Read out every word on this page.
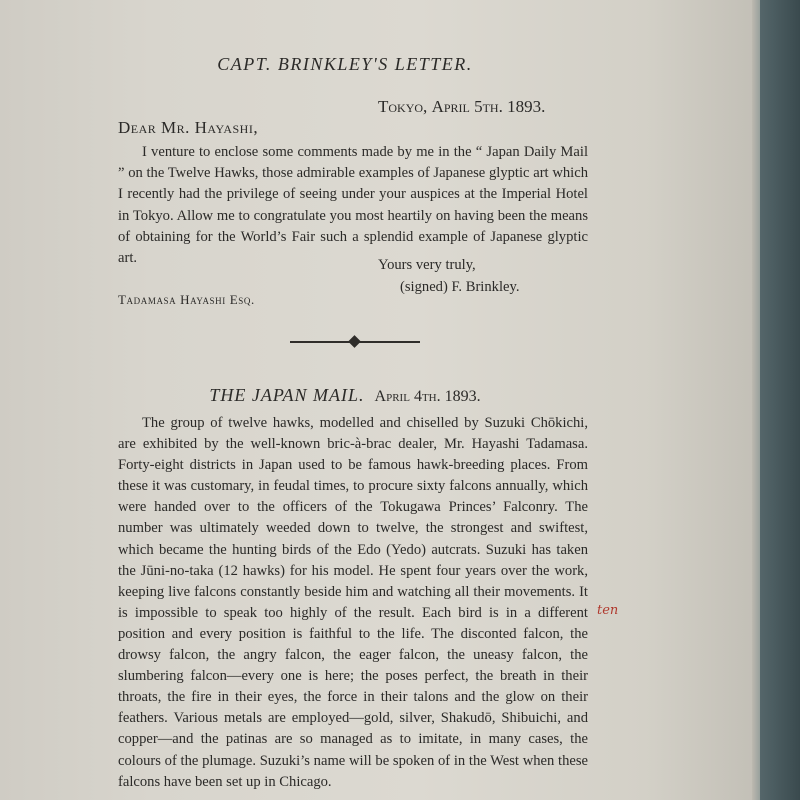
CAPT. BRINKLEY'S LETTER.
Tokyo, April 5th. 1893.
Dear Mr. Hayashi,

I venture to enclose some comments made by me in the “ Japan Daily Mail ” on the Twelve Hawks, those admirable examples of Japanese glyptic art which I recently had the privilege of seeing under your auspices at the Imperial Hotel in Tokyo. Allow me to congratulate you most heartily on having been the means of obtaining for the World’s Fair such a splendid example of Japanese glyptic art.	Yours very truly,
(signed) F. Brinkley.
Tadamasa Hayashi Esq.
THE JAPAN MAIL. April 4th. 1893.

The group of twelve hawks, modelled and chiselled by Suzuki Chōkichi, are exhibited by the well-known bric-à-brac dealer, Mr. Hayashi Tadamasa. Forty-eight districts in Japan used to be famous hawk-breeding places. From these it was customary, in feudal times, to procure sixty falcons annually, which were handed over to the officers of the Tokugawa Princes’ Falconry. The number was ultimately weeded down to twelve, the strongest and swiftest, which became the hunting birds of the Edo (Yedo) autcrats. Suzuki has taken the Jūni-no-taka (12 hawks) for his model. He spent four years over the work, keeping live falcons constantly beside him and watching all their movements. It is impossible to speak too highly of the result. Each bird is in a different position and every position is faithful to the life. The disconted falcon, the drowsy falcon, the angry falcon, the eager falcon, the uneasy falcon, the slumbering falcon—every one is here; the poses perfect, the breath in their throats, the fire in their eyes, the force in their talons and the glow on their feathers. Various metals are employed—gold, silver, Shakudō, Shibuichi, and copper—and the patinas are so managed as to imitate, in many cases, the colours of the plumage. Suzuki’s name will be spoken of in the West when these falcons have been set up in Chicago.

ten
